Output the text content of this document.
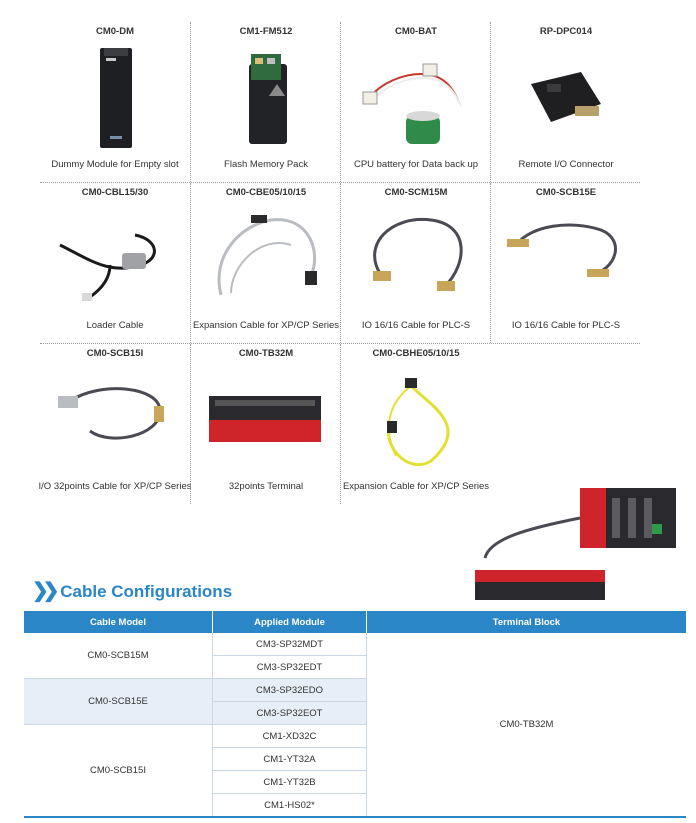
CM0-DM
Dummy Module for Empty slot
CM1-FM512
Flash Memory Pack
CM0-BAT
CPU battery for Data back up
RP-DPC014
Remote I/O Connector
CM0-CBL15/30
Loader Cable
CM0-CBE05/10/15
Expansion Cable for XP/CP Series
CM0-SCM15M
IO 16/16 Cable for PLC-S
CM0-SCB15E
IO 16/16 Cable for PLC-S
CM0-SCB15I
I/O 32points Cable for XP/CP Series
CM0-TB32M
32points Terminal
CM0-CBHE05/10/15
Expansion Cable for XP/CP Series
❯❯ Cable Configurations
Cable Model	Applied Module	Terminal Block
CM0-SCB15M	CM3-SP32MDT	CM0-TB32M
	CM3-SP32EDT	
CM0-SCB15E	CM3-SP32EDO	
	CM3-SP32EOT	
CM0-SCB15I	CM1-XD32C	
	CM1-YT32A	
	CM1-YT32B	
	CM1-HS02*	
